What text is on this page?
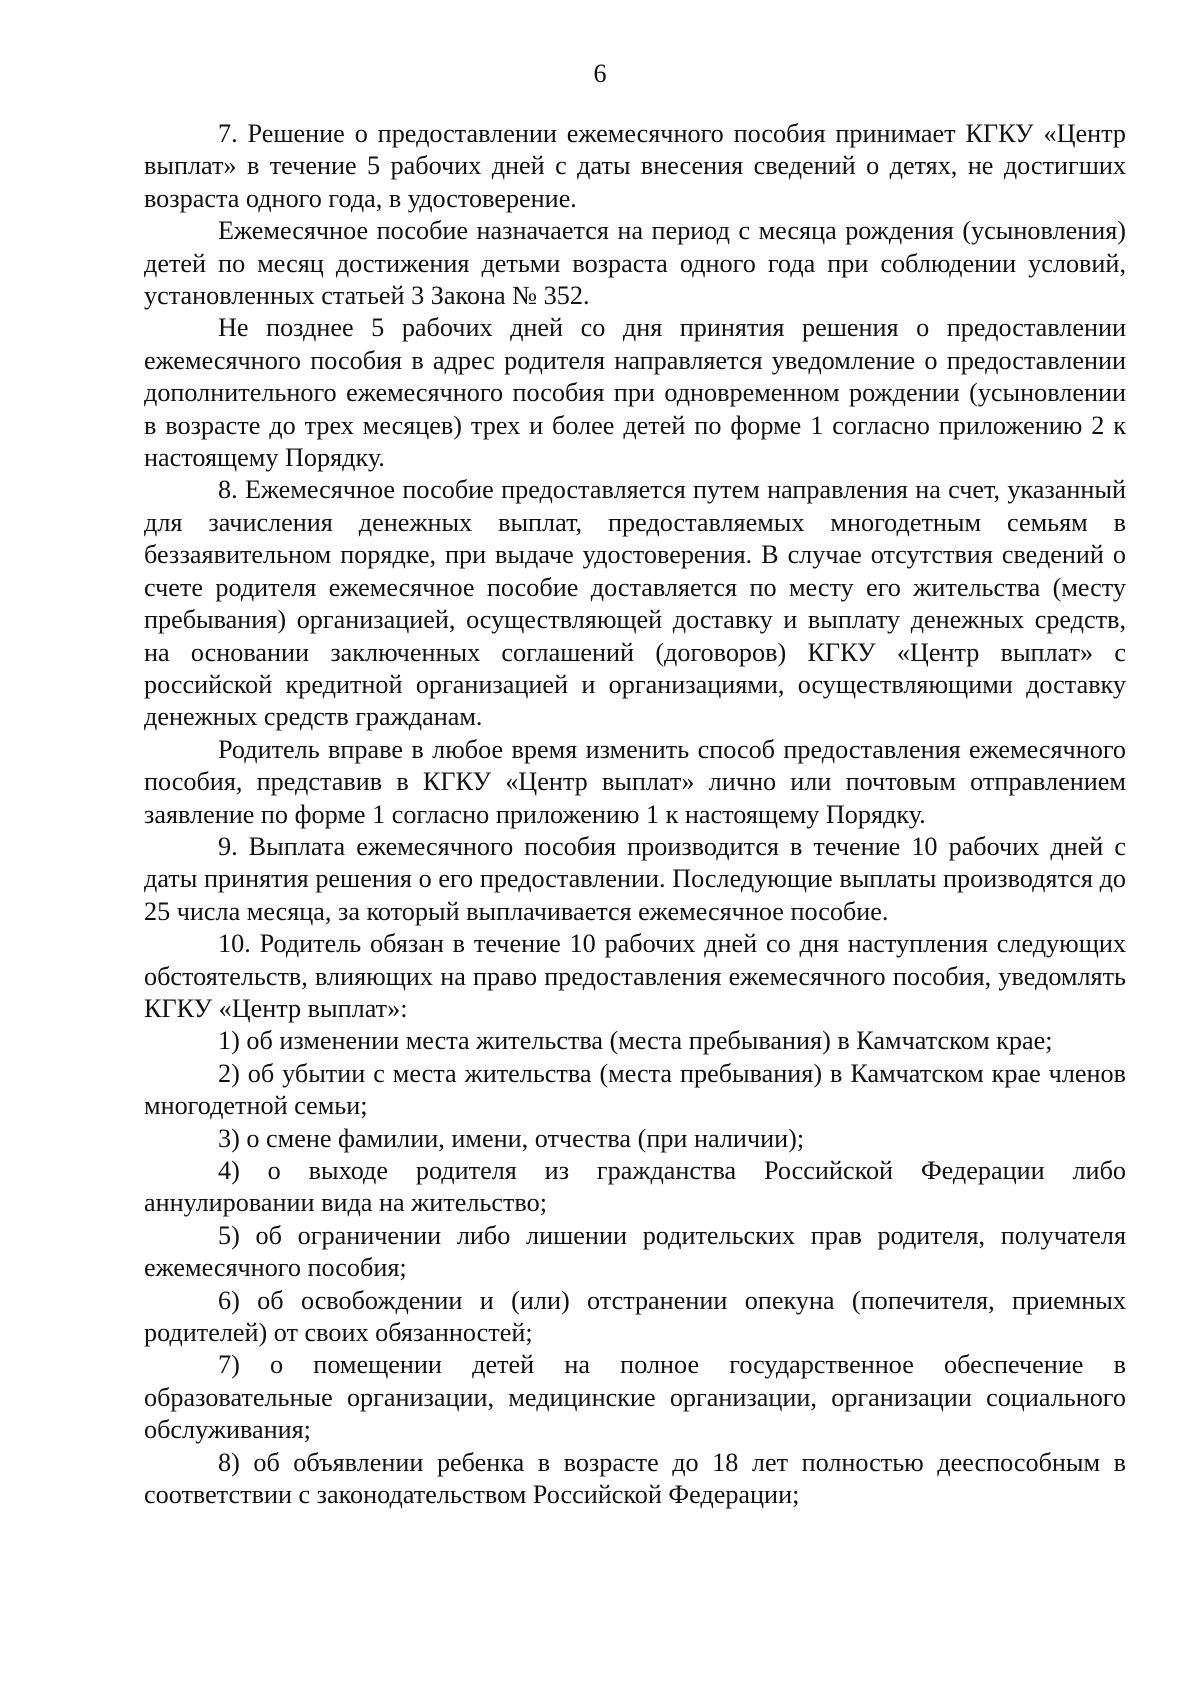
6

7. Решение о предоставлении ежемесячного пособия принимает КГКУ «Центр выплат» в течение 5 рабочих дней с даты внесения сведений о детях, не достигших возраста одного года, в удостоверение.

Ежемесячное пособие назначается на период с месяца рождения (усыновления) детей по месяц достижения детьми возраста одного года при соблюдении условий, установленных статьей 3 Закона № 352.

Не позднее 5 рабочих дней со дня принятия решения о предоставлении ежемесячного пособия в адрес родителя направляется уведомление о предоставлении дополнительного ежемесячного пособия при одновременном рождении (усыновлении в возрасте до трех месяцев) трех и более детей по форме 1 согласно приложению 2 к настоящему Порядку.

8. Ежемесячное пособие предоставляется путем направления на счет, указанный для зачисления денежных выплат, предоставляемых многодетным семьям в беззаявительном порядке, при выдаче удостоверения. В случае отсутствия сведений о счете родителя ежемесячное пособие доставляется по месту его жительства (месту пребывания) организацией, осуществляющей доставку и выплату денежных средств, на основании заключенных соглашений (договоров) КГКУ «Центр выплат» с российской кредитной организацией и организациями, осуществляющими доставку денежных средств гражданам.

Родитель вправе в любое время изменить способ предоставления ежемесячного пособия, представив в КГКУ «Центр выплат» лично или почтовым отправлением заявление по форме 1 согласно приложению 1 к настоящему Порядку.

9. Выплата ежемесячного пособия производится в течение 10 рабочих дней с даты принятия решения о его предоставлении. Последующие выплаты производятся до 25 числа месяца, за который выплачивается ежемесячное пособие.

10. Родитель обязан в течение 10 рабочих дней со дня наступления следующих обстоятельств, влияющих на право предоставления ежемесячного пособия, уведомлять КГКУ «Центр выплат»:

1) об изменении места жительства (места пребывания) в Камчатском крае;

2) об убытии с места жительства (места пребывания) в Камчатском крае членов многодетной семьи;

3) о смене фамилии, имени, отчества (при наличии);

4) о выходе родителя из гражданства Российской Федерации либо аннулировании вида на жительство;

5) об ограничении либо лишении родительских прав родителя, получателя ежемесячного пособия;

6) об освобождении и (или) отстранении опекуна (попечителя, приемных родителей) от своих обязанностей;

7) о помещении детей на полное государственное обеспечение в образовательные организации, медицинские организации, организации социального обслуживания;

8) об объявлении ребенка в возрасте до 18 лет полностью дееспособным в соответствии с законодательством Российской Федерации;
